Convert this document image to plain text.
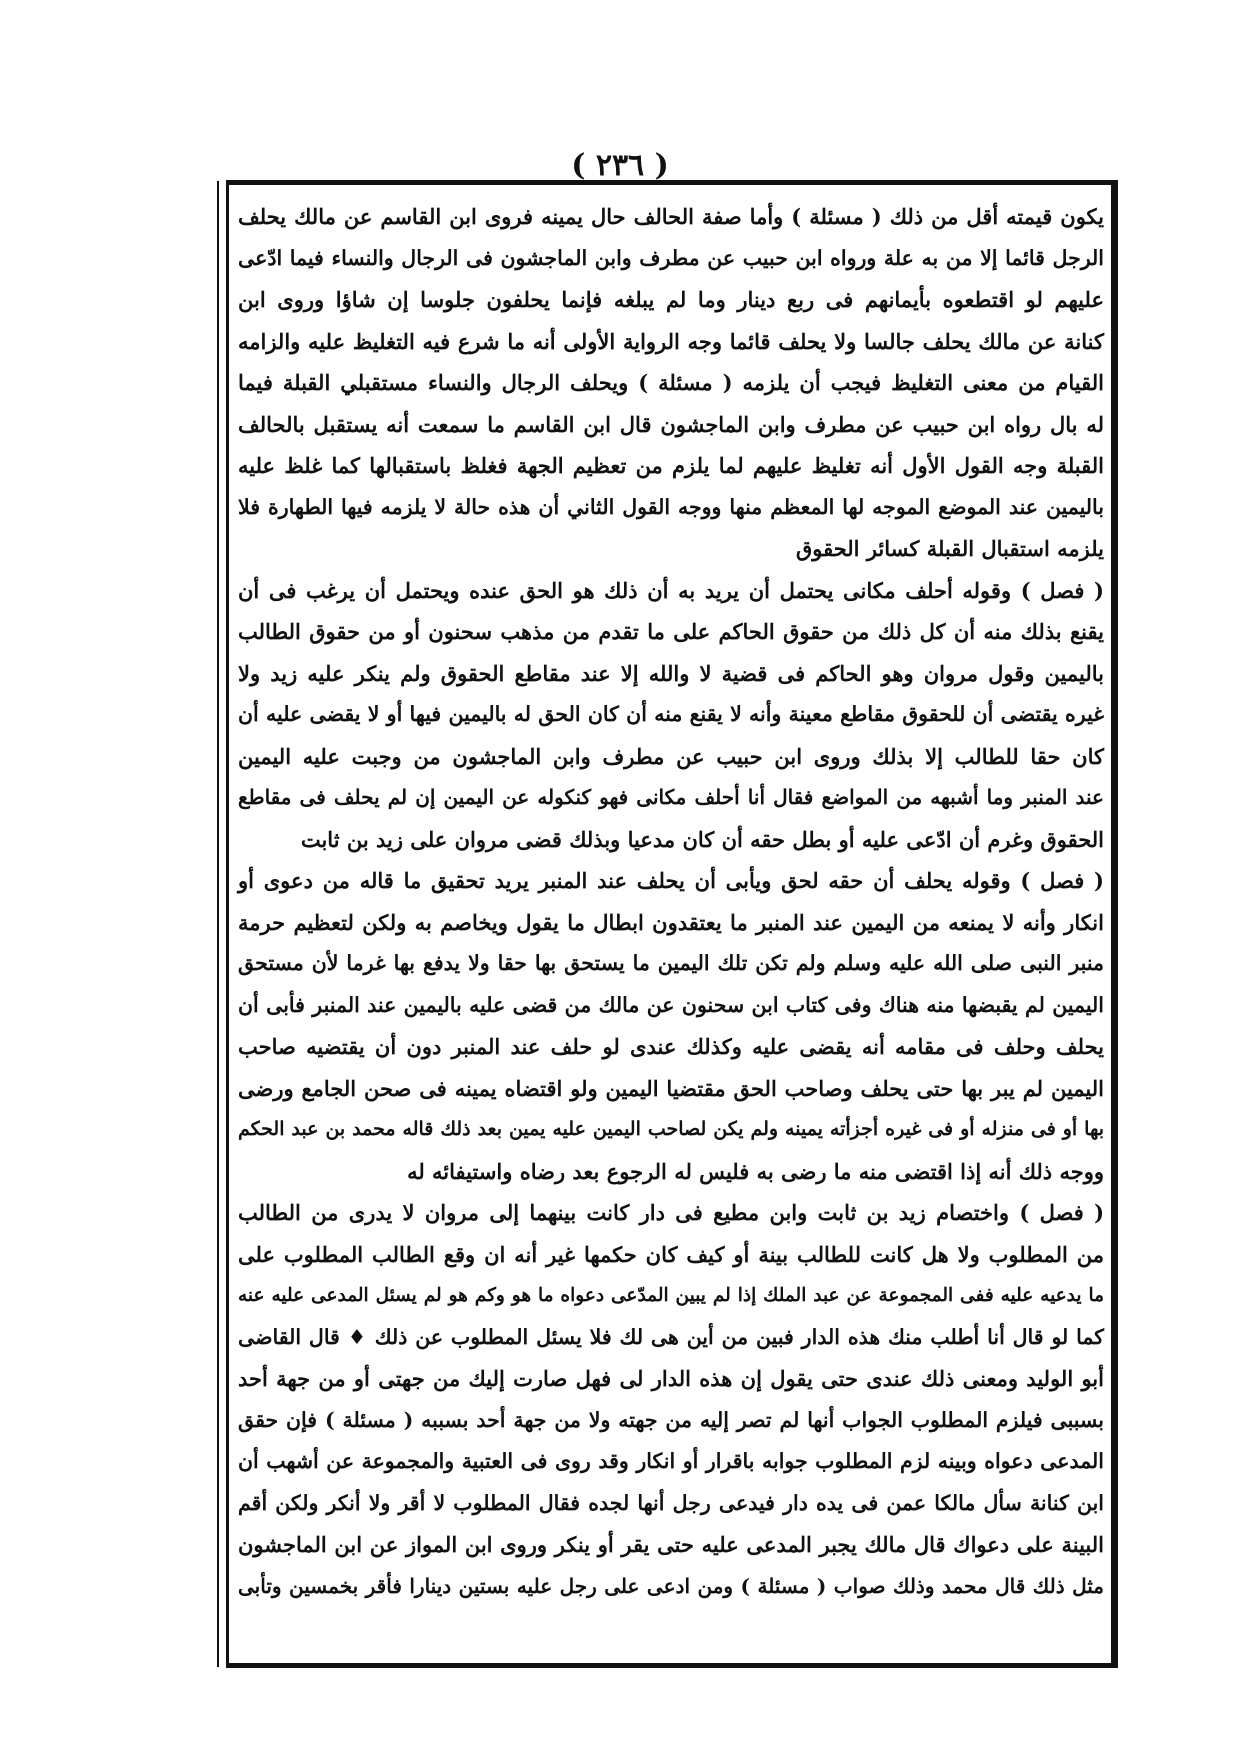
( ٢٣٦ )
يكون قيمته أقل من ذلك ( مسئلة ) وأما صفة الحالف حال يمينه فروى ابن القاسم عن مالك يحلف
الرجل قائما إلا من به علة ورواه ابن حبيب عن مطرف وابن الماجشون فى الرجال والنساء فيما ادّعى
عليهم لو اقتطعوه بأيمانهم فى ربع دينار وما لم يبلغه فإنما يحلفون جلوسا إن شاؤا وروى ابن
كنانة عن مالك يحلف جالسا ولا يحلف قائما وجه الرواية الأولى أنه ما شرع فيه التغليظ عليه والزامه
القيام من معنى التغليظ فيجب أن يلزمه ( مسئلة ) ويحلف الرجال والنساء مستقبلي القبلة فيما
له بال رواه ابن حبيب عن مطرف وابن الماجشون قال ابن القاسم ما سمعت أنه يستقبل بالحالف
القبلة وجه القول الأول أنه تغليظ عليهم لما يلزم من تعظيم الجهة فغلظ باستقبالها كما غلظ عليه
باليمين عند الموضع الموجه لها المعظم منها ووجه القول الثاني أن هذه حالة لا يلزمه فيها الطهارة فلا
يلزمه استقبال القبلة كسائر الحقوق
( فصل ) وقوله أحلف مكانى يحتمل أن يريد به أن ذلك هو الحق عنده ويحتمل أن يرغب فى أن
يقنع بذلك منه أن كل ذلك من حقوق الحاكم على ما تقدم من مذهب سحنون أو من حقوق الطالب
باليمين وقول مروان وهو الحاكم فى قضية لا والله إلا عند مقاطع الحقوق ولم ينكر عليه زيد ولا
غيره يقتضى أن للحقوق مقاطع معينة وأنه لا يقنع منه أن كان الحق له باليمين فيها أو لا يقضى عليه أن
كان حقا للطالب إلا بذلك وروى ابن حبيب عن مطرف وابن الماجشون من وجبت عليه اليمين
عند المنبر وما أشبهه من المواضع فقال أنا أحلف مكانى فهو كنكوله عن اليمين إن لم يحلف فى مقاطع
الحقوق وغرم أن ادّعى عليه أو بطل حقه أن كان مدعيا وبذلك قضى مروان على زيد بن ثابت
( فصل ) وقوله يحلف أن حقه لحق ويأبى أن يحلف عند المنبر يريد تحقيق ما قاله من دعوى أو
انكار وأنه لا يمنعه من اليمين عند المنبر ما يعتقدون ابطال ما يقول ويخاصم به ولكن لتعظيم حرمة
منبر النبى صلى الله عليه وسلم ولم تكن تلك اليمين ما يستحق بها حقا ولا يدفع بها غرما لأن مستحق
اليمين لم يقبضها منه هناك وفى كتاب ابن سحنون عن مالك من قضى عليه باليمين عند المنبر فأبى أن
يحلف وحلف فى مقامه أنه يقضى عليه وكذلك عندى لو حلف عند المنبر دون أن يقتضيه صاحب
اليمين لم يبر بها حتى يحلف وصاحب الحق مقتضيا اليمين ولو اقتضاه يمينه فى صحن الجامع ورضى
بها أو فى منزله أو فى غيره أجزأته يمينه ولم يكن لصاحب اليمين عليه يمين بعد ذلك قاله محمد بن عبد الحكم
ووجه ذلك أنه إذا اقتضى منه ما رضى به فليس له الرجوع بعد رضاه واستيفائه له
( فصل ) واختصام زيد بن ثابت وابن مطيع فى دار كانت بينهما إلى مروان لا يدرى من الطالب
من المطلوب ولا هل كانت للطالب بينة أو كيف كان حكمها غير أنه ان وقع الطالب المطلوب على
ما يدعيه عليه ففى المجموعة عن عبد الملك إذا لم يبين المدّعى دعواه ما هو وكم هو لم يسئل المدعى عليه عنه
كما لو قال أنا أطلب منك هذه الدار فبين من أين هى لك فلا يسئل المطلوب عن ذلك ♦ قال القاضى
أبو الوليد ومعنى ذلك عندى حتى يقول إن هذه الدار لى فهل صارت إليك من جهتى أو من جهة أحد
بسببى فيلزم المطلوب الجواب أنها لم تصر إليه من جهته ولا من جهة أحد بسببه ( مسئلة ) فإن حقق
المدعى دعواه وبينه لزم المطلوب جوابه باقرار أو انكار وقد روى فى العتبية والمجموعة عن أشهب أن
ابن كنانة سأل مالكا عمن فى يده دار فيدعى رجل أنها لجده فقال المطلوب لا أقر ولا أنكر ولكن أقم
البينة على دعواك قال مالك يجبر المدعى عليه حتى يقر أو ينكر وروى ابن المواز عن ابن الماجشون
مثل ذلك قال محمد وذلك صواب ( مسئلة ) ومن ادعى على رجل عليه بستين دينارا فأقر بخمسين وتأبى
